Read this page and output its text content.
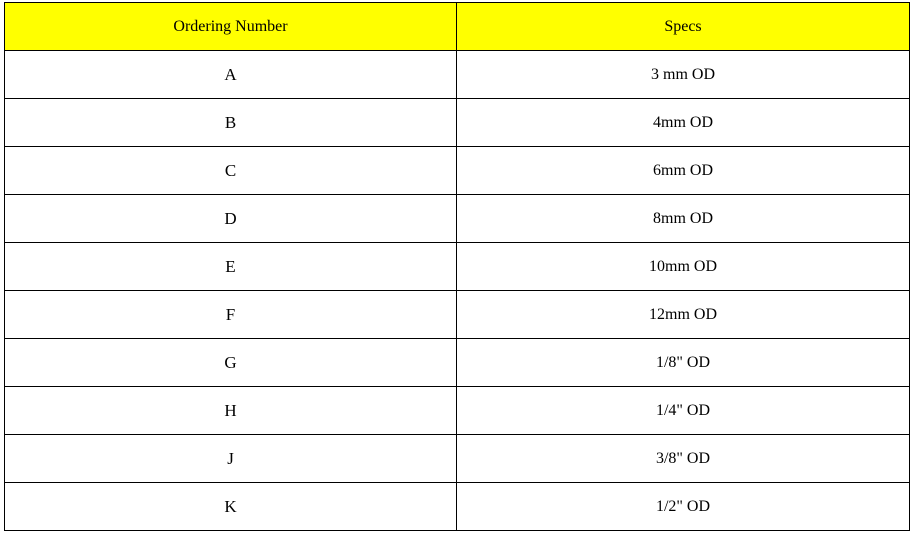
Ordering Number	Specs
A	3 mm OD
B	4mm OD
C	6mm OD
D	8mm OD
E	10mm OD
F	12mm OD
G	1/8" OD
H	1/4" OD
J	3/8" OD
K	1/2" OD
